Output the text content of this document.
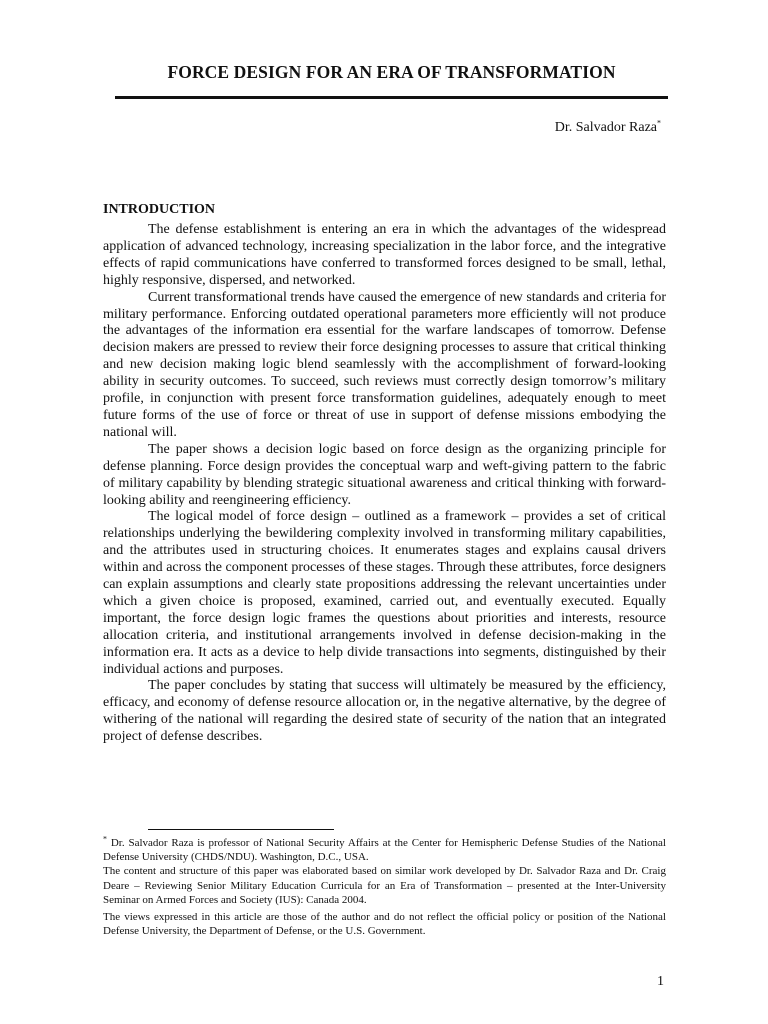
FORCE DESIGN FOR AN ERA OF TRANSFORMATION
Dr. Salvador Raza*
INTRODUCTION

The defense establishment is entering an era in which the advantages of the widespread application of advanced technology, increasing specialization in the labor force, and the integrative effects of rapid communications have conferred to transformed forces designed to be small, lethal, highly responsive, dispersed, and networked.

Current transformational trends have caused the emergence of new standards and criteria for military performance. Enforcing outdated operational parameters more efficiently will not produce the advantages of the information era essential for the warfare landscapes of tomorrow. Defense decision makers are pressed to review their force designing processes to assure that critical thinking and new decision making logic blend seamlessly with the accomplishment of forward-looking ability in security outcomes. To succeed, such reviews must correctly design tomorrow’s military profile, in conjunction with present force transformation guidelines, adequately enough to meet future forms of the use of force or threat of use in support of defense missions embodying the national will.

The paper shows a decision logic based on force design as the organizing principle for defense planning. Force design provides the conceptual warp and weft-giving pattern to the fabric of military capability by blending strategic situational awareness and critical thinking with forward-looking ability and reengineering efficiency.

The logical model of force design – outlined as a framework – provides a set of critical relationships underlying the bewildering complexity involved in transforming military capabilities, and the attributes used in structuring choices. It enumerates stages and explains causal drivers within and across the component processes of these stages. Through these attributes, force designers can explain assumptions and clearly state propositions addressing the relevant uncertainties under which a given choice is proposed, examined, carried out, and eventually executed. Equally important, the force design logic frames the questions about priorities and interests, resource allocation criteria, and institutional arrangements involved in defense decision-making in the information era. It acts as a device to help divide transactions into segments, distinguished by their individual actions and purposes.

The paper concludes by stating that success will ultimately be measured by the efficiency, efficacy, and economy of defense resource allocation or, in the negative alternative, by the degree of withering of the national will regarding the desired state of security of the nation that an integrated project of defense describes.

* Dr. Salvador Raza is professor of National Security Affairs at the Center for Hemispheric Defense Studies of the National Defense University (CHDS/NDU). Washington, D.C., USA.

The content and structure of this paper was elaborated based on similar work developed by Dr. Salvador Raza and Dr. Craig Deare – Reviewing Senior Military Education Curricula for an Era of Transformation – presented at the Inter-University Seminar on Armed Forces and Society (IUS): Canada 2004.

The views expressed in this article are those of the author and do not reflect the official policy or position of the National Defense University, the Department of Defense, or the U.S. Government.

1
